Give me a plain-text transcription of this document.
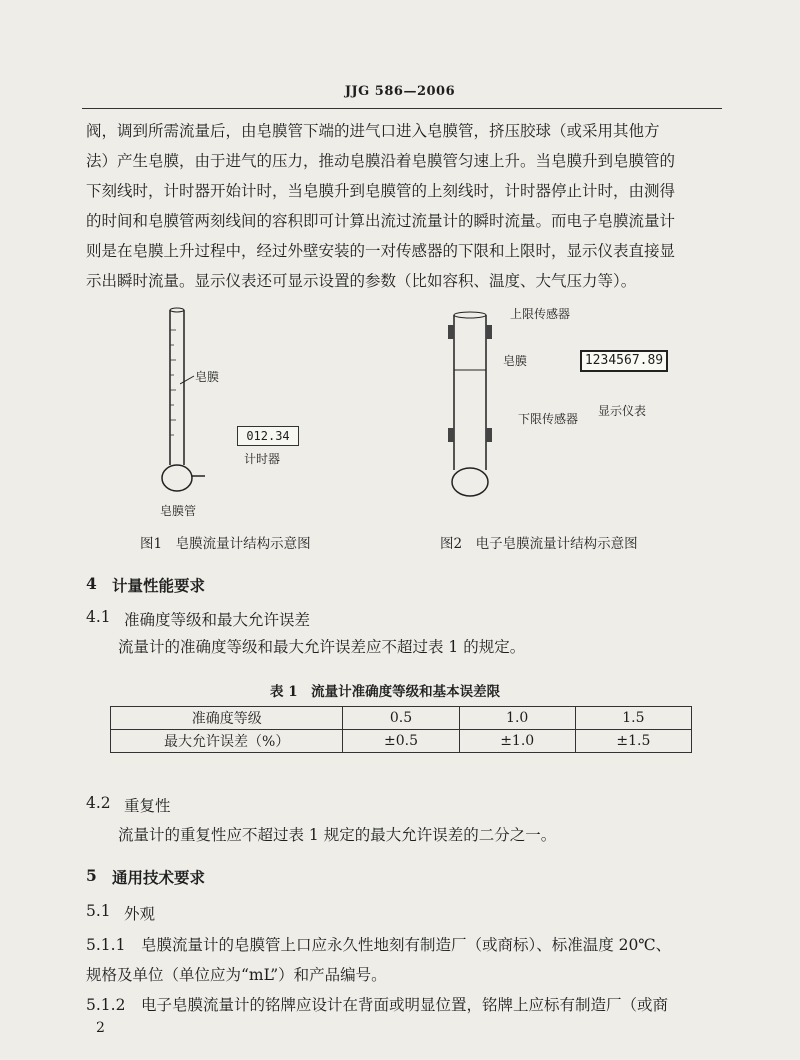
JJG 586—2006
阀，调到所需流量后，由皂膜管下端的进气口进入皂膜管，挤压胶球（或采用其他方
法）产生皂膜，由于进气的压力，推动皂膜沿着皂膜管匀速上升。当皂膜升到皂膜管的
下刻线时，计时器开始计时，当皂膜升到皂膜管的上刻线时，计时器停止计时，由测得
的时间和皂膜管两刻线间的容积即可计算出流过流量计的瞬时流量。而电子皂膜流量计
则是在皂膜上升过程中，经过外壁安装的一对传感器的下限和上限时，显示仪表直接显
示出瞬时流量。显示仪表还可显示设置的参数（比如容积、温度、大气压力等）。
皂膜
012.34
计时器
皂膜管
图1　皂膜流量计结构示意图
上限传感器
皂膜
下限传感器
1234567.89
显示仪表
图2　电子皂膜流量计结构示意图
4 计量性能要求
4.1 准确度等级和最大允许误差
流量计的准确度等级和最大允许误差应不超过表 1 的规定。
表 1　流量计准确度等级和基本误差限
准确度等级	0.5	1.0	1.5
最大允许误差（%）	±0.5	±1.0	±1.5
4.2 重复性
流量计的重复性应不超过表 1 规定的最大允许误差的二分之一。
5 通用技术要求
5.1 外观
5.1.1　皂膜流量计的皂膜管上口应永久性地刻有制造厂（或商标）、标准温度 20℃、
规格及单位（单位应为“mL”）和产品编号。
5.1.2　电子皂膜流量计的铭牌应设计在背面或明显位置，铭牌上应标有制造厂（或商
2
